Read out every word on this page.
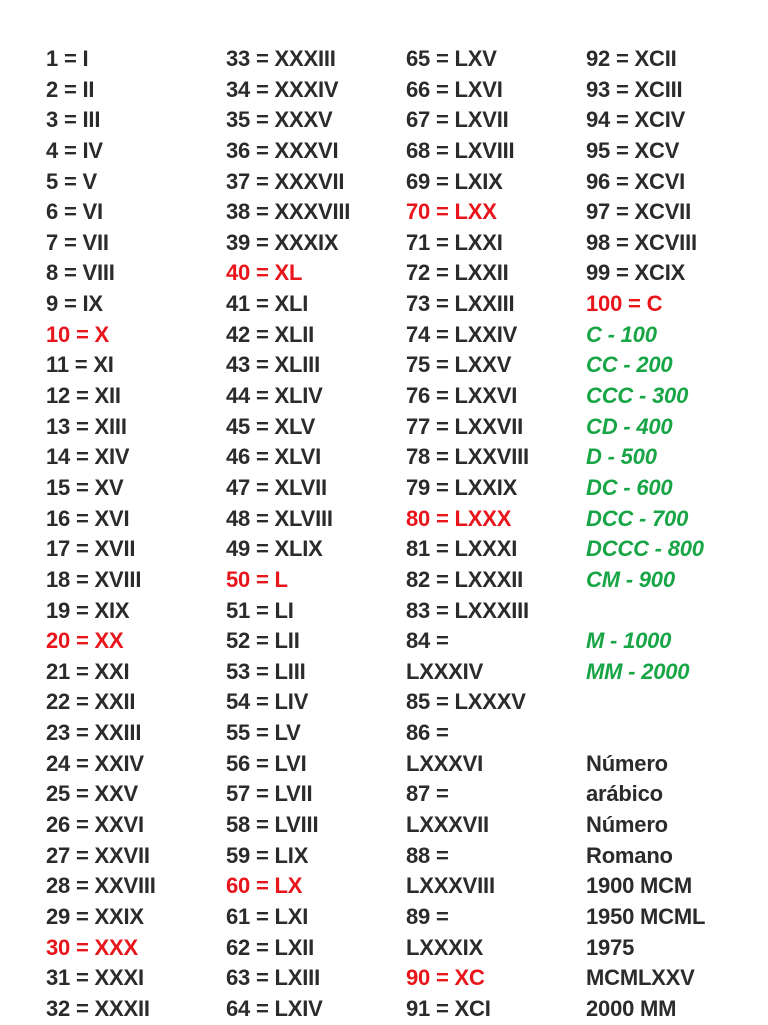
1 = I
2 = II
3 = III
4 = IV
5 = V
6 = VI
7 = VII
8 = VIII
9 = IX
10 = X
11 = XI
12 = XII
13 = XIII
14 = XIV
15 = XV
16 = XVI
17 = XVII
18 = XVIII
19 = XIX
20 = XX
21 = XXI
22 = XXII
23 = XXIII
24 = XXIV
25 = XXV
26 = XXVI
27 = XXVII
28 = XXVIII
29 = XXIX
30 = XXX
31 = XXXI
32 = XXXII
33 = XXXIII
34 = XXXIV
35 = XXXV
36 = XXXVI
37 = XXXVII
38 = XXXVIII
39 = XXXIX
40 = XL
41 = XLI
42 = XLII
43 = XLIII
44 = XLIV
45 = XLV
46 = XLVI
47 = XLVII
48 = XLVIII
49 = XLIX
50 = L
51 = LI
52 = LII
53 = LIII
54 = LIV
55 = LV
56 = LVI
57 = LVII
58 = LVIII
59 = LIX
60 = LX
61 = LXI
62 = LXII
63 = LXIII
64 = LXIV
65 = LXV
66 = LXVI
67 = LXVII
68 = LXVIII
69 = LXIX
70 = LXX
71 = LXXI
72 = LXXII
73 = LXXIII
74 = LXXIV
75 = LXXV
76 = LXXVI
77 = LXXVII
78 = LXXVIII
79 = LXXIX
80 = LXXX
81 = LXXXI
82 = LXXXII
83 = LXXXIII
84 =
LXXXIV
85 = LXXXV
86 =
LXXXVI
87 =
LXXXVII
88 =
LXXXVIII
89 =
LXXXIX
90 = XC
91 = XCI
92 = XCII
93 = XCIII
94 = XCIV
95 = XCV
96 = XCVI
97 = XCVII
98 = XCVIII
99 = XCIX
100 = C
C - 100
CC - 200
CCC - 300
CD - 400
D - 500
DC - 600
DCC - 700
DCCC - 800
CM - 900
M - 1000
MM - 2000
Número
arábico
Número
Romano
1900 MCM
1950 MCML
1975
MCMLXXV
2000 MM
